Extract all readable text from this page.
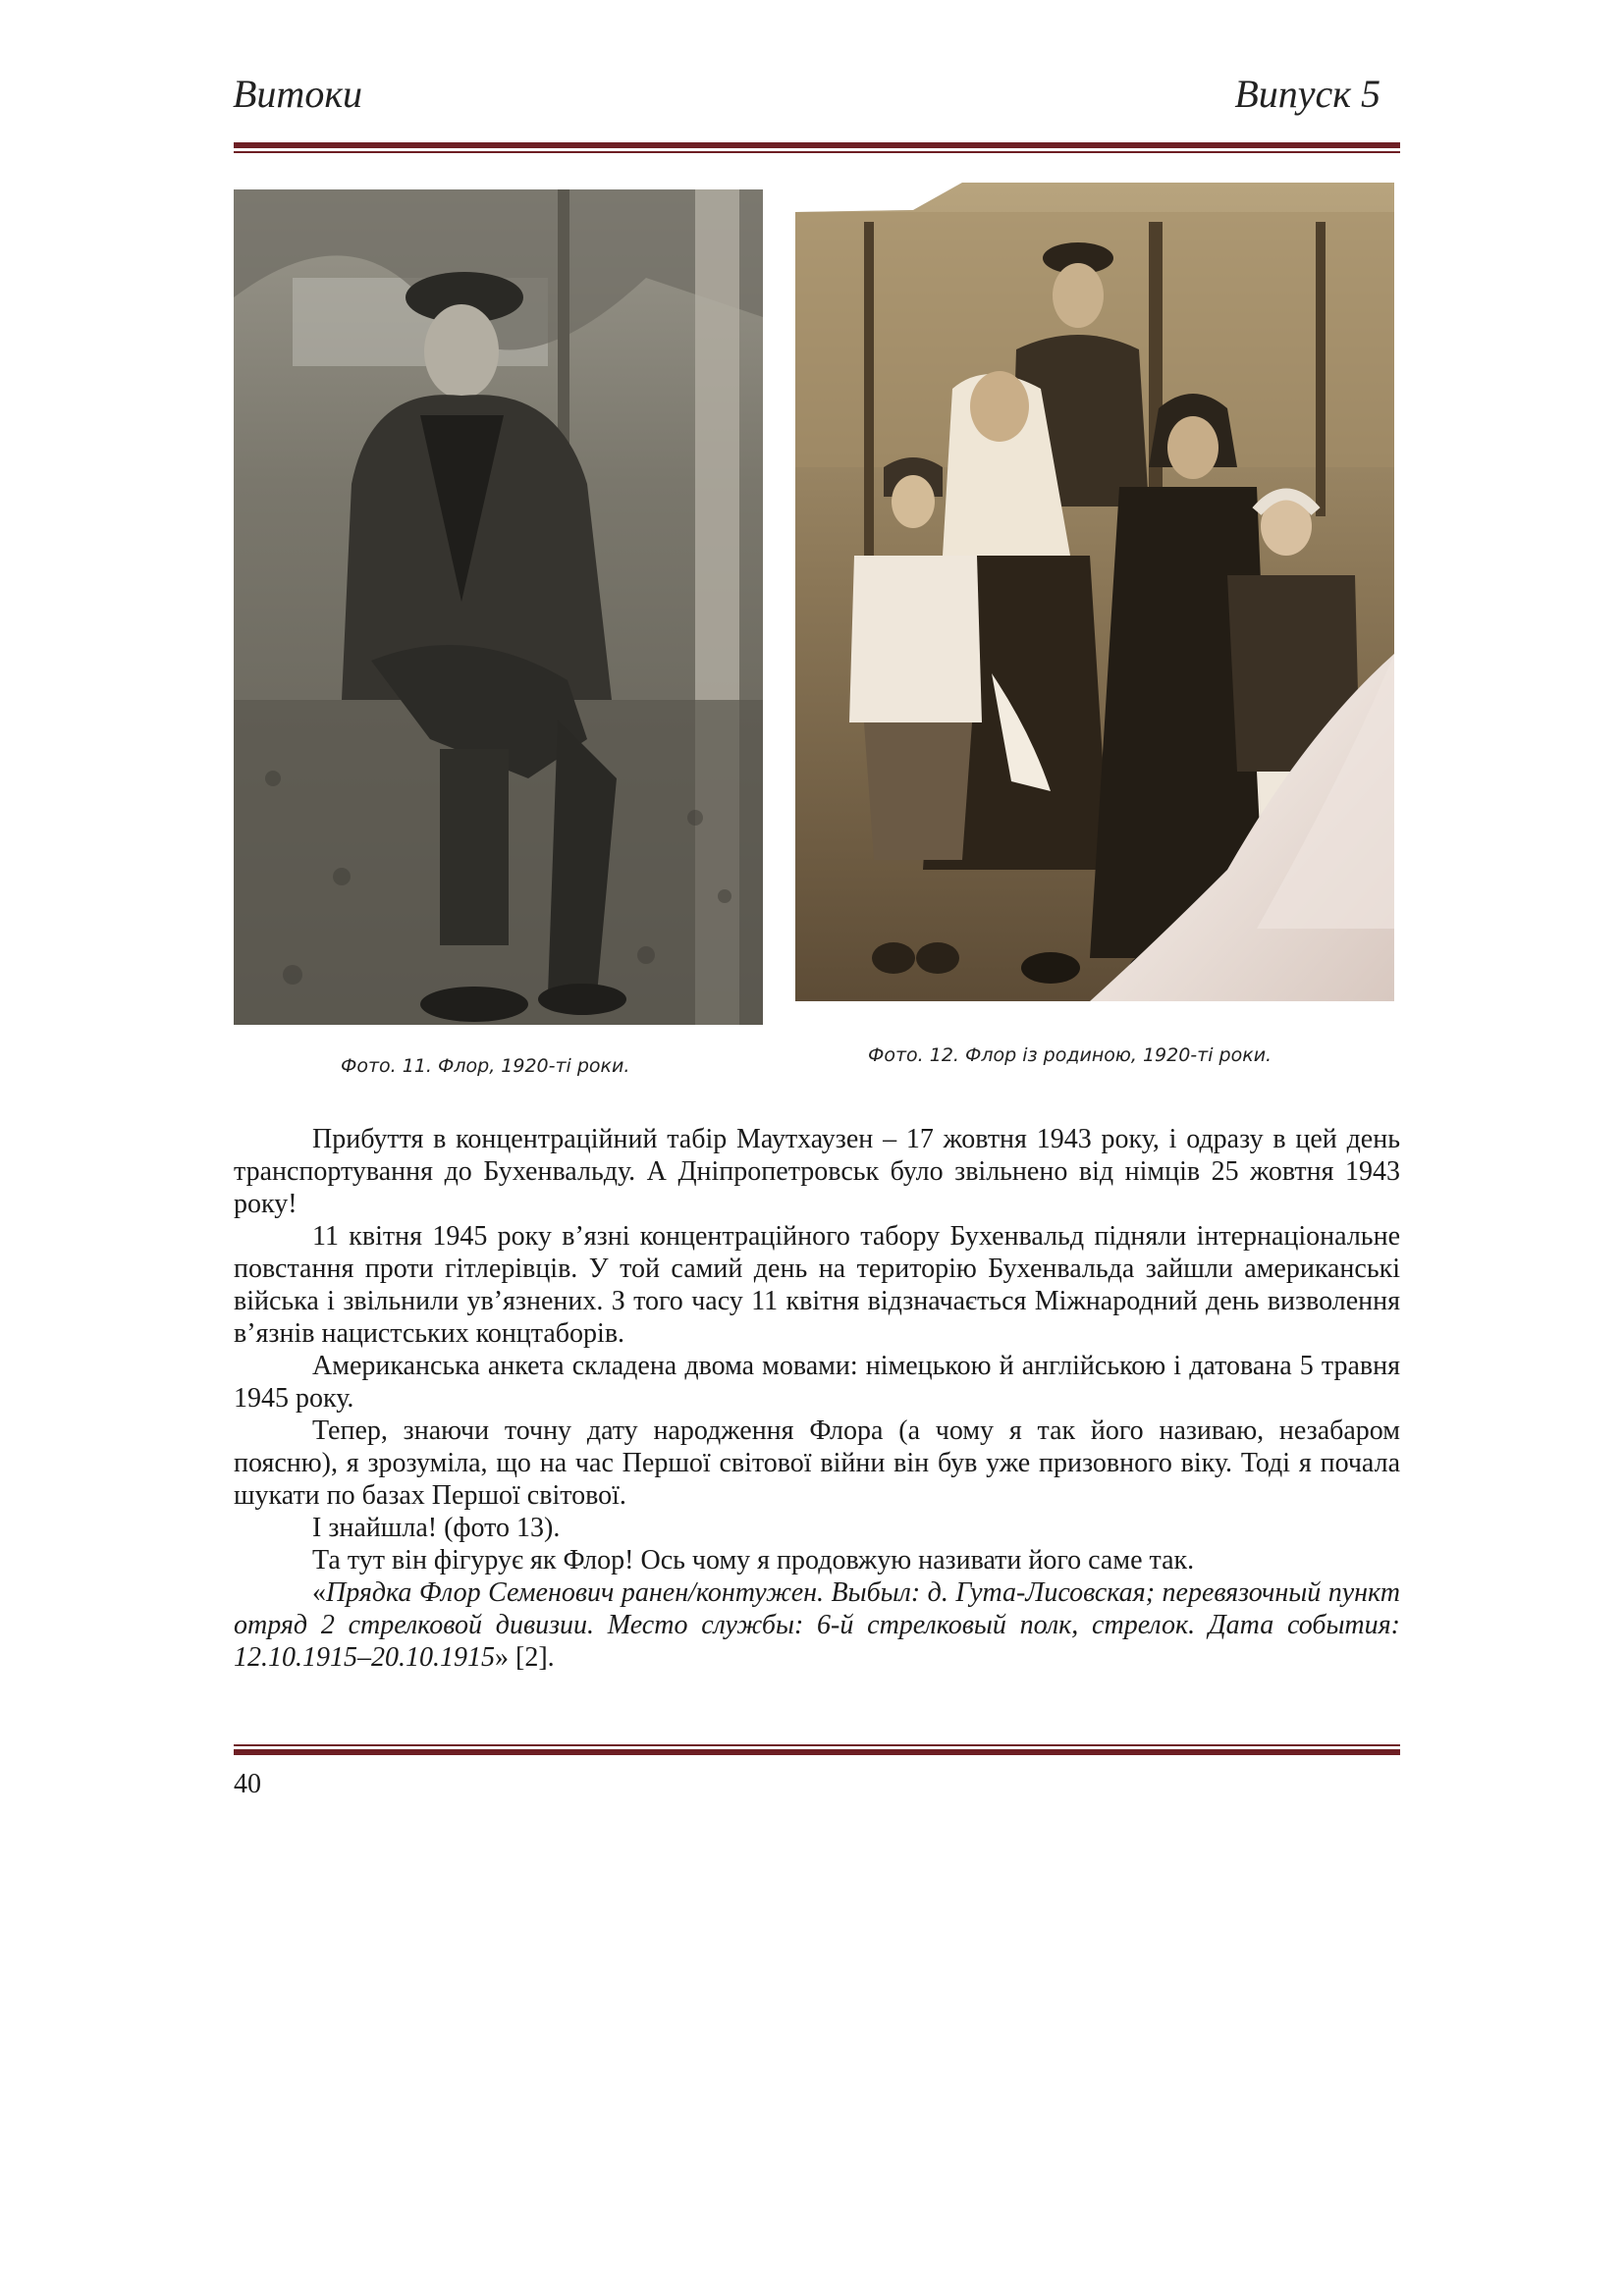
Витоки	Випуск 5
Фото. 11. Флор, 1920-ті роки.	Фото. 12. Флор із родиною, 1920-ті роки.

Прибуття в концентраційний табір Маутхаузен – 17 жовтня 1943 року, і одразу в цей день транспортування до Бухенвальду. А Дніпропетровськ було звільнено від німців 25 жовтня 1943 року!

11 квітня 1945 року в’язні концентраційного табору Бухенвальд підняли інтернаціональне повстання проти гітлерівців. У той самий день на територію Бухенвальда зайшли американські війська і звільнили ув’язнених. З того часу 11 квітня відзначається Міжнародний день визволення в’язнів нацистських концтаборів.

Американська анкета складена двома мовами: німецькою й англійською і датована 5 травня 1945 року.

Тепер, знаючи точну дату народження Флора (а чому я так його називаю, незабаром поясню), я зрозуміла, що на час Першої світової війни він був уже призовного віку. Тоді я почала шукати по базах Першої світової.

І знайшла! (фото 13).

Та тут він фігурує як Флор! Ось чому я продовжую називати його саме так.

«Прядка Флор Семенович ранен/контужен. Выбыл: д. Гута-Лисовская; перевязочный пункт отряд 2 стрелковой дивизии. Место службы: 6-й стрелковый полк, стрелок. Дата события: 12.10.1915–20.10.1915» [2].

40
